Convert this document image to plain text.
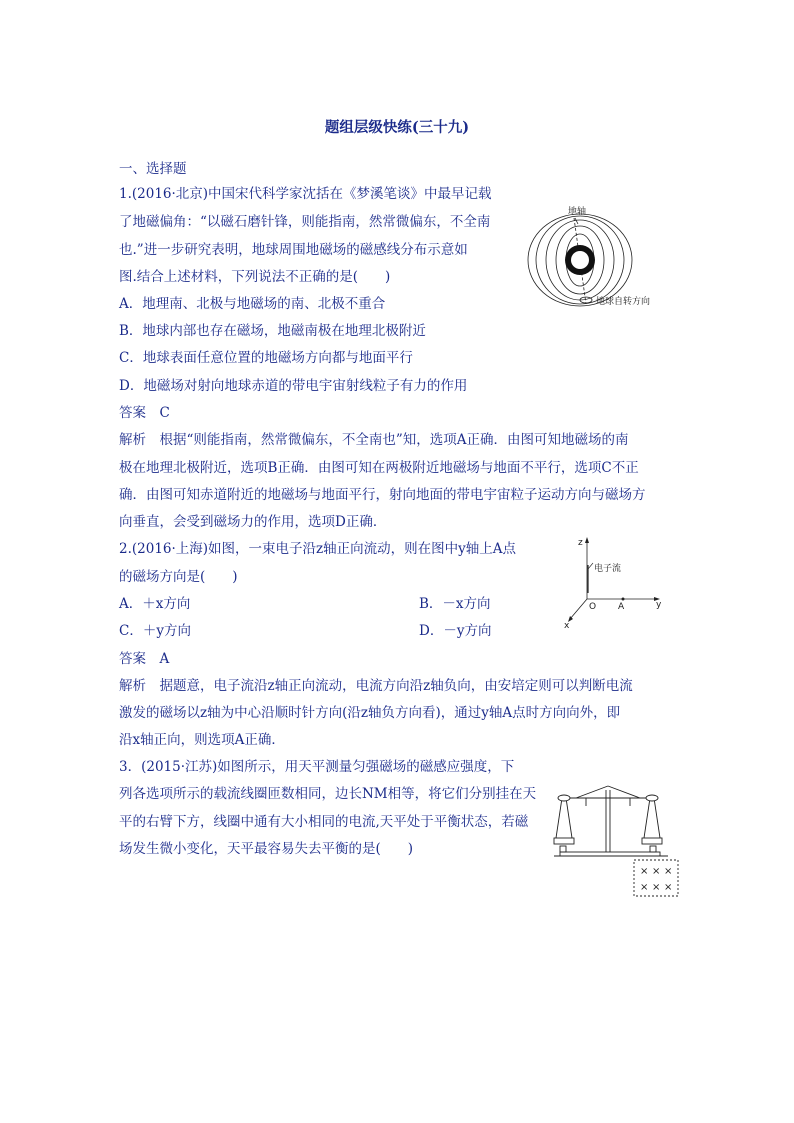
题组层级快练(三十九)
一、选择题
1.(2016·北京)中国宋代科学家沈括在《梦溪笔谈》中最早记载
了地磁偏角：“以磁石磨针锋，则能指南，然常微偏东，不全南
也.”进一步研究表明，地球周围地磁场的磁感线分布示意如
图.结合上述材料，下列说法不正确的是(　　)
A．地理南、北极与地磁场的南、北极不重合
B．地球内部也存在磁场，地磁南极在地理北极附近
C．地球表面任意位置的地磁场方向都与地面平行
D．地磁场对射向地球赤道的带电宇宙射线粒子有力的作用
答案　C
解析　根据“则能指南，然常微偏东，不全南也”知，选项A正确．由图可知地磁场的南
极在地理北极附近，选项B正确．由图可知在两极附近地磁场与地面不平行，选项C不正
确．由图可知赤道附近的地磁场与地面平行，射向地面的带电宇宙粒子运动方向与磁场方
向垂直，会受到磁场力的作用，选项D正确．
地轴
地球自转方向
2.(2016·上海)如图，一束电子沿z轴正向流动，则在图中y轴上A点
的磁场方向是(　　)
A．＋x方向	B．－x方向
C．＋y方向	D．－y方向
答案　A
解析　据题意，电子流沿z轴正向流动，电流方向沿z轴负向，由安培定则可以判断电流
激发的磁场以z轴为中心沿顺时针方向(沿z轴负方向看)，通过y轴A点时方向向外，即
沿x轴正向，则选项A正确．
z
电子流
O A	y
x
3．(2015·江苏)如图所示，用天平测量匀强磁场的磁感应强度，下
列各选项所示的载流线圈匝数相同，边长NM相等，将它们分别挂在天
平的右臂下方，线圈中通有大小相同的电流,天平处于平衡状态，若磁
场发生微小变化，天平最容易失去平衡的是(　　)
× × ×
× × ×
